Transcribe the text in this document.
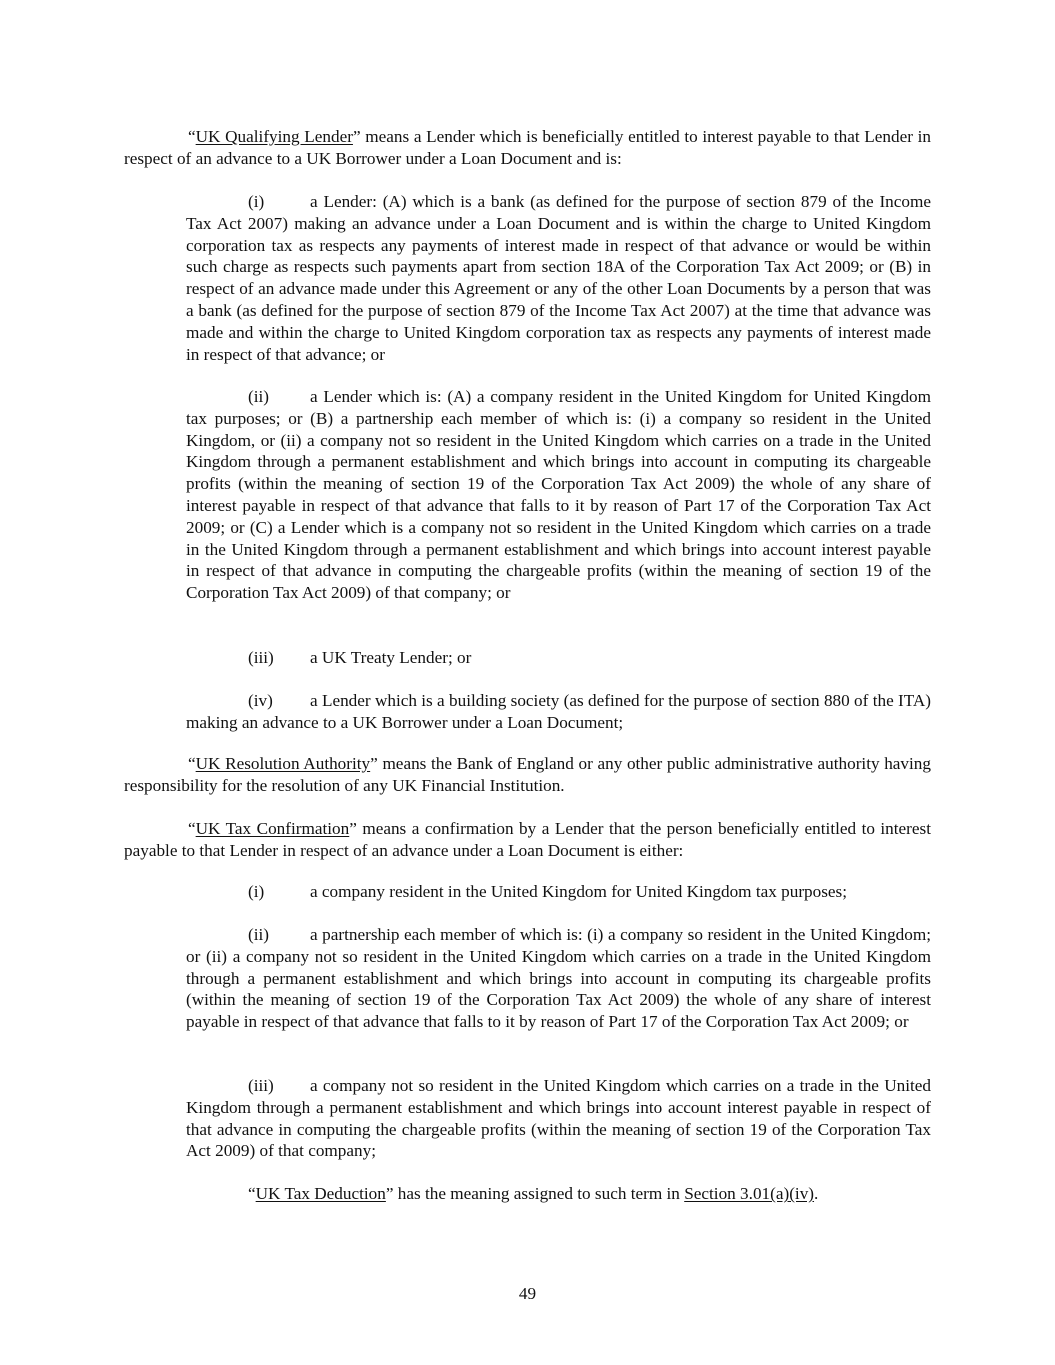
“UK Qualifying Lender” means a Lender which is beneficially entitled to interest payable to that Lender in respect of an advance to a UK Borrower under a Loan Document and is:

(i)	a Lender: (A) which is a bank (as defined for the purpose of section 879 of the Income Tax Act 2007) making an advance under a Loan Document and is within the charge to United Kingdom corporation tax as respects any payments of interest made in respect of that advance or would be within such charge as respects such payments apart from section 18A of the Corporation Tax Act 2009; or (B) in respect of an advance made under this Agreement or any of the other Loan Documents by a person that was a bank (as defined for the purpose of section 879 of the Income Tax Act 2007) at the time that advance was made and within the charge to United Kingdom corporation tax as respects any payments of interest made in respect of that advance; or

(ii) a Lender which is: (A) a company resident in the United Kingdom for United Kingdom tax purposes; or (B) a partnership each member of which is: (i) a company so resident in the United Kingdom, or (ii) a company not so resident in the United Kingdom which carries on a trade in the United Kingdom through a permanent establishment and which brings into account in computing its chargeable profits (within the meaning of section 19 of the Corporation Tax Act 2009) the whole of any share of interest payable in respect of that advance that falls to it by reason of Part 17 of the Corporation Tax Act 2009; or (C) a Lender which is a company not so resident in the United Kingdom which carries on a trade in the United Kingdom through a permanent establishment and which brings into account interest payable in respect of that advance in computing the chargeable profits (within the meaning of section 19 of the Corporation Tax Act 2009) of that company; or

(iii) a UK Treaty Lender; or

(iv) a Lender which is a building society (as defined for the purpose of section 880 of the ITA) making an advance to a UK Borrower under a Loan Document;

“UK Resolution Authority” means the Bank of England or any other public administrative authority having responsibility for the resolution of any UK Financial Institution.

“UK Tax Confirmation” means a confirmation by a Lender that the person beneficially entitled to interest payable to that Lender in respect of an advance under a Loan Document is either:

(i)	a company resident in the United Kingdom for United Kingdom tax purposes;

(ii) a partnership each member of which is: (i) a company so resident in the United Kingdom; or (ii) a company not so resident in the United Kingdom which carries on a trade in the United Kingdom through a permanent establishment and which brings into account in computing its chargeable profits (within the meaning of section 19 of the Corporation Tax Act 2009) the whole of any share of interest payable in respect of that advance that falls to it by reason of Part 17 of the Corporation Tax Act 2009; or

(iii) a company not so resident in the United Kingdom which carries on a trade in the United Kingdom through a permanent establishment and which brings into account interest payable in respect of that advance in computing the chargeable profits (within the meaning of section 19 of the Corporation Tax Act 2009) of that company;

“UK Tax Deduction” has the meaning assigned to such term in Section 3.01(a)(iv).

49
